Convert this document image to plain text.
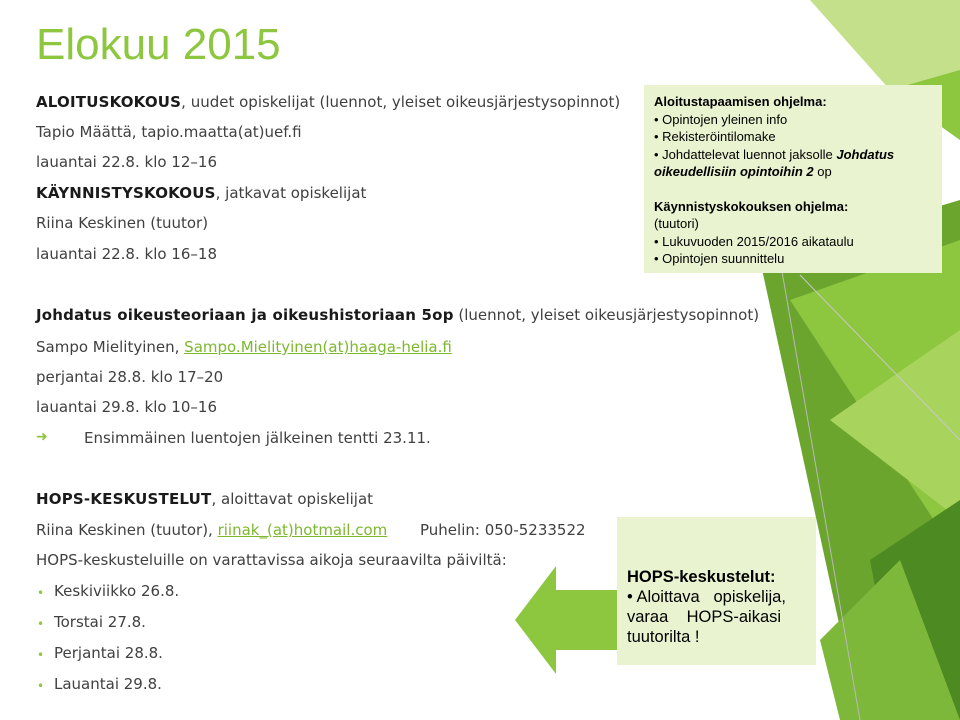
Elokuu 2015
ALOITUSKOKOUS, uudet opiskelijat (luennot, yleiset oikeusjärjestysopinnot)
Tapio Määttä, tapio.maatta(at)uef.fi
lauantai 22.8. klo 12–16
KÄYNNISTYSKOKOUS, jatkavat opiskelijat
Riina Keskinen (tuutor)
lauantai 22.8. klo 16–18
Aloitustapaamisen ohjelma:
• Opintojen yleinen info
• Rekisteröintilomake
• Johdattelevat luennot jaksolle Johdatus oikeudellisiin opintoihin 2 op
Käynnistyskokouksen ohjelma:
(tuutori)
• Lukuvuoden 2015/2016 aikataulu
• Opintojen suunnittelu
Johdatus oikeusteoriaan ja oikeushistoriaan 5op (luennot, yleiset oikeusjärjestysopinnot)
Sampo Mielityinen, Sampo.Mielityinen(at)haaga-helia.fi
perjantai 28.8. klo 17–20
lauantai 29.8. klo 10–16
➜ Ensimmäinen luentojen jälkeinen tentti 23.11.
HOPS-KESKUSTELUT, aloittavat opiskelijat
Riina Keskinen (tuutor), riinak_(at)hotmail.com Puhelin: 050-5233522
HOPS-keskusteluille on varattavissa aikoja seuraavilta päiviltä:
• Keskiviikko 26.8.
• Torstai 27.8.
• Perjantai 28.8.
• Lauantai 29.8.
HOPS-keskustelut:
• Aloittava   opiskelija,
varaa    HOPS-aikasi
tuutorilta !
